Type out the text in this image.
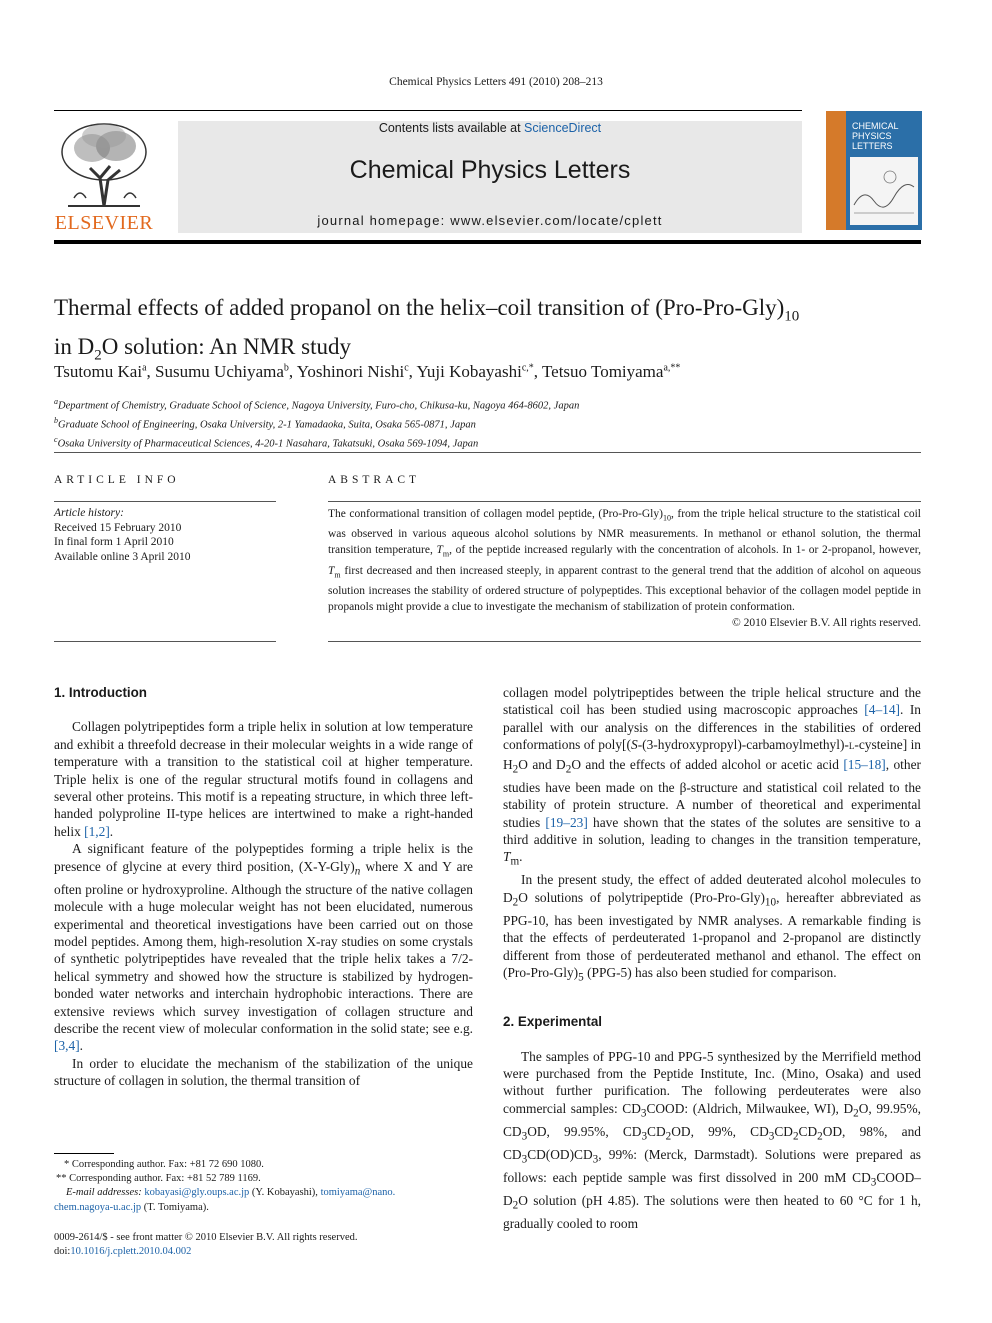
Chemical Physics Letters 491 (2010) 208–213
ELSEVIER
Contents lists available at ScienceDirect
Chemical Physics Letters
journal homepage: www.elsevier.com/locate/cplett
CHEMICAL
PHYSICS
LETTERS
Thermal effects of added propanol on the helix–coil transition of $(Pro-Pro-Gly)_{10}$
in $D_2O$ solution: An NMR study
Tsutomu Kai$^a$, Susumu Uchiyama$^b$, Yoshinori Nishi$^c$, Yuji Kobayashi$^{c,*}$, Tetsuo Tomiyama$^{a,**}$
$^a$Department of Chemistry, Graduate School of Science, Nagoya University, Furo-cho, Chikusa-ku, Nagoya 464-8602, Japan
$^b$Graduate School of Engineering, Osaka University, 2-1 Yamadaoka, Suita, Osaka 565-0871, Japan
$^c$Osaka University of Pharmaceutical Sciences, 4-20-1 Nasahara, Takatsuki, Osaka 569-1094, Japan
ARTICLE INFO
Article history:
Received 15 February 2010
In final form 1 April 2010
Available online 3 April 2010
ABSTRACT
The conformational transition of collagen model peptide, $(Pro-Pro-Gly)_{10}$, from the triple helical structure to the statistical coil was observed in various aqueous alcohol solutions by NMR measurements. In methanol or ethanol solution, the thermal transition temperature, $T_m$, of the peptide increased regularly with the concentration of alcohols. In 1- or 2-propanol, however, $T_m$ first decreased and then increased steeply, in apparent contrast to the general trend that the addition of alcohol on aqueous solution increases the stability of ordered structure of polypeptides. This exceptional behavior of the collagen model peptide in propanols might provide a clue to investigate the mechanism of stabilization of protein conformation.
© 2010 Elsevier B.V. All rights reserved.
1. Introduction

Collagen polytripeptides form a triple helix in solution at low temperature and exhibit a threefold decrease in their molecular weights in a wide range of temperature with a transition to the statistical coil at higher temperature. Triple helix is one of the regular structural motifs found in collagens and several other proteins. This motif is a repeating structure, in which three left-handed polyproline II-type helices are intertwined to make a right-handed helix [1,2].

A significant feature of the polypeptides forming a triple helix is the presence of glycine at every third position, $(X-Y-Gly)_n$ where X and Y are often proline or hydroxyproline. Although the structure of the native collagen molecule with a huge molecular weight has not been elucidated, numerous experimental and theoretical investigations have been carried out on those model peptides. Among them, high-resolution X-ray studies on some crystals of synthetic polytripeptides have revealed that the triple helix takes a 7/2-helical symmetry and showed how the structure is stabilized by hydrogen-bonded water networks and interchain hydrophobic interactions. There are extensive reviews which survey investigation of collagen structure and describe the recent view of molecular conformation in the solid state; see e.g. [3,4].

In order to elucidate the mechanism of the stabilization of the unique structure of collagen in solution, the thermal transition of

collagen model polytripeptides between the triple helical structure and the statistical coil has been studied using macroscopic approaches [4–14]. In parallel with our analysis on the differences in the stabilities of ordered conformations of poly[(S-(3-hydroxypropyl)-carbamoylmethyl)-L-cysteine] in $H_2O$ and $D_2O$ and the effects of added alcohol or acetic acid [15–18], other studies have been made on the β-structure and statistical coil related to the stability of protein structure. A number of theoretical and experimental studies [19–23] have shown that the states of the solutes are sensitive to a third additive in solution, leading to changes in the transition temperature, $T_m$.

In the present study, the effect of added deuterated alcohol molecules to $D_2O$ solutions of polytripeptide $(Pro-Pro-Gly)_{10}$, hereafter abbreviated as PPG-10, has been investigated by NMR analyses. A remarkable finding is that the effects of perdeuterated 1-propanol and 2-propanol are distinctly different from those of perdeuterated methanol and ethanol. The effect on $(Pro-Pro-Gly)_5$ (PPG-5) has also been studied for comparison.

2. Experimental

The samples of PPG-10 and PPG-5 synthesized by the Merrifield method were purchased from the Peptide Institute, Inc. (Mino, Osaka) and used without further purification. The following perdeuterates were also commercial samples: $CD_3COOD$: (Aldrich, Milwaukee, WI), $D_2O$, 99.95%, $CD_3OD$, 99.95%, $CD_3CD_2OD$, 99%, $CD_3CD_2CD_2OD$, 98%, and $CD_3CD(OD)CD_3$, 99%: (Merck, Darmstadt). Solutions were prepared as follows: each peptide sample was first dissolved in 200 mM $CD_3COOD-D_2O$ solution (pH 4.85). The solutions were then heated to 60 °C for 1 h, gradually cooled to room

* Corresponding author. Fax: +81 72 690 1080.
** Corresponding author. Fax: +81 52 789 1169.
E-mail addresses: kobayasi@gly.oups.ac.jp (Y. Kobayashi), tomiyama@nano.
chem.nagoya-u.ac.jp (T. Tomiyama).
0009-2614/$ - see front matter © 2010 Elsevier B.V. All rights reserved.
doi:10.1016/j.cplett.2010.04.002
